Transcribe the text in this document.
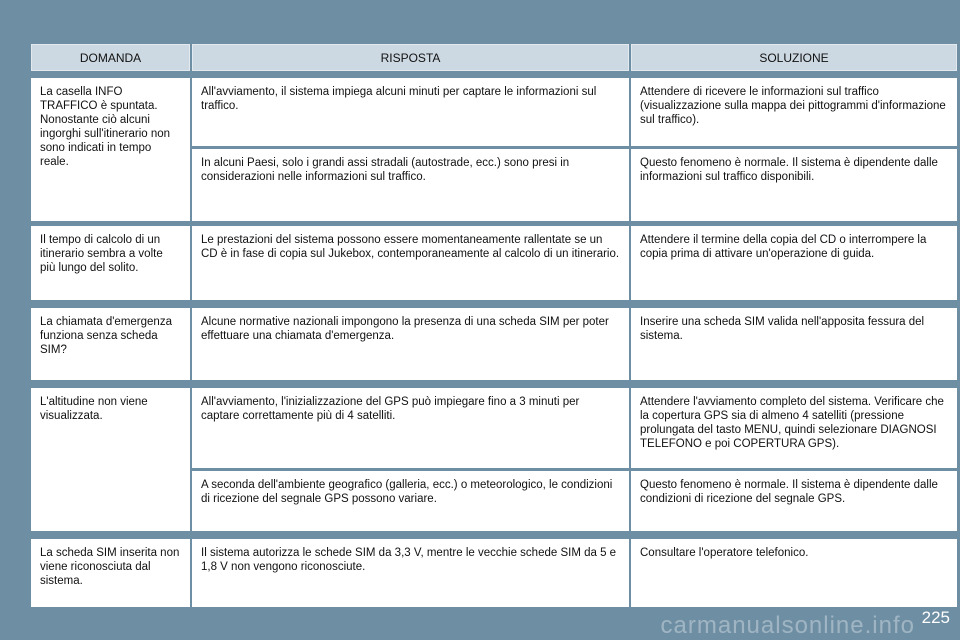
DOMANDA	RISPOSTA	SOLUZIONE
La casella INFO TRAFFICO è spuntata. Nonostante ciò alcuni ingorghi sull'itinerario non sono indicati in tempo reale.
All'avviamento, il sistema impiega alcuni minuti per captare le informazioni sul traffico.
Attendere di ricevere le informazioni sul traffico (visualizzazione sulla mappa dei pittogrammi d'informazione sul traffico).
In alcuni Paesi, solo i grandi assi stradali (autostrade, ecc.) sono presi in considerazioni nelle informazioni sul traffico.
Questo fenomeno è normale. Il sistema è dipendente dalle informazioni sul traffico disponibili.
Il tempo di calcolo di un itinerario sembra a volte più lungo del solito.
Le prestazioni del sistema possono essere momentaneamente rallentate se un CD è in fase di copia sul Jukebox, contemporaneamente al calcolo di un itinerario.
Attendere il termine della copia del CD o interrompere la copia prima di attivare un'operazione di guida.
La chiamata d'emergenza funziona senza scheda SIM?
Alcune normative nazionali impongono la presenza di una scheda SIM per poter effettuare una chiamata d'emergenza.
Inserire una scheda SIM valida nell'apposita fessura del sistema.
L'altitudine non viene visualizzata.
All'avviamento, l'inizializzazione del GPS può impiegare fino a 3 minuti per captare correttamente più di 4 satelliti.
Attendere l'avviamento completo del sistema. Verificare che la copertura GPS sia di almeno 4 satelliti (pressione prolungata del tasto MENU, quindi selezionare DIAGNOSI TELEFONO e poi COPERTURA GPS).
A seconda dell'ambiente geografico (galleria, ecc.) o meteorologico, le condizioni di ricezione del segnale GPS possono variare.
Questo fenomeno è normale. Il sistema è dipendente dalle condizioni di ricezione del segnale GPS.
La scheda SIM inserita non viene riconosciuta dal sistema.
Il sistema autorizza le schede SIM da 3,3 V, mentre le vecchie schede SIM da 5 e 1,8 V non vengono riconosciute.
Consultare l'operatore telefonico.
carmanualsonline.info 225
